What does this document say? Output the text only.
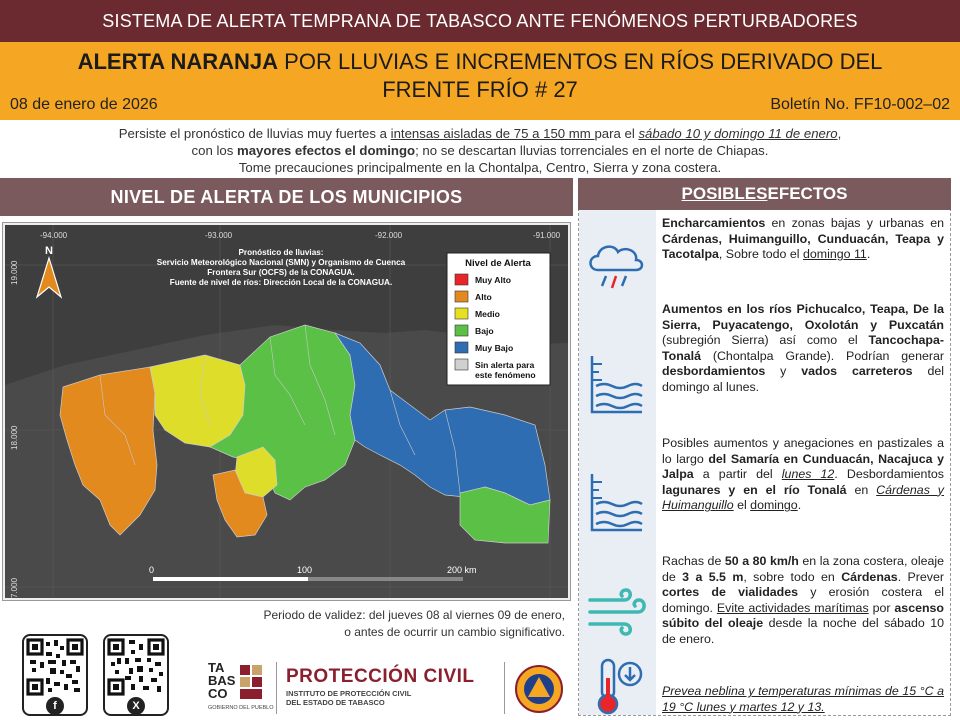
SISTEMA DE ALERTA TEMPRANA DE TABASCO ANTE FENÓMENOS PERTURBADORES
ALERTA NARANJA POR LLUVIAS E INCREMENTOS EN RÍOS DERIVADO DEL
FRENTE FRÍO # 27
08 de enero de 2026	Boletín No. FF10-002–02
Persiste el pronóstico de lluvias muy fuertes a intensas aisladas de 75 a 150 mm para el sábado 10 y domingo 11 de enero,
con los mayores efectos el domingo; no se descartan lluvias torrenciales en el norte de Chiapas.
Tome precauciones principalmente en la Chontalpa, Centro, Sierra y zona costera.
NIVEL DE ALERTA DE LOS MUNICIPIOS
N
-94.000	-93.000	-92.000	-91.000
19.000
18.000
7.000
Pronóstico de lluvias:
Servicio Meteorológico Nacional (SMN) y Organismo de Cuenca
Frontera Sur (OCFS) de la CONAGUA.
Fuente de nivel de ríos: Dirección Local de la CONAGUA.
Nivel de Alerta
Muy Alto
Alto
Medio
Bajo
Muy Bajo
Sin alerta para
este fenómeno
0	100	200 km
Periodo de validez: del jueves 08 al viernes 09 de enero,
o antes de ocurrir un cambio significativo.
POSIBLES EFECTOS
Encharcamientos en zonas bajas y urbanas en Cárdenas, Huimanguillo, Cunduacán, Teapa y Tacotalpa, Sobre todo el domingo 11.
Aumentos en los ríos Pichucalco, Teapa, De la Sierra, Puyacatengo, Oxolotán y Puxcatán (subregión Sierra) así como el Tancochapa-Tonalá (Chontalpa Grande). Podrían generar desbordamientos y vados carreteros del domingo al lunes.
Posibles aumentos y anegaciones en pastizales a lo largo del Samaría en Cunduacán, Nacajuca y Jalpa a partir del lunes 12. Desbordamientos lagunares y en el río Tonalá en Cárdenas y Huimanguillo el domingo.
Rachas de 50 a 80 km/h en la zona costera, oleaje de 3 a 5.5 m, sobre todo en Cárdenas. Prever cortes de vialidades y erosión costera el domingo. Evite actividades marítimas por ascenso súbito del oleaje desde la noche del sábado 10 de enero.
Prevea neblina y temperaturas mínimas de 15 °C a 19 °C lunes y martes 12 y 13.
f	X
TA
BAS
CO
GOBIERNO DEL PUEBLO
PROTECCIÓN CIVIL
INSTITUTO DE PROTECCIÓN CIVIL
DEL ESTADO DE TABASCO
